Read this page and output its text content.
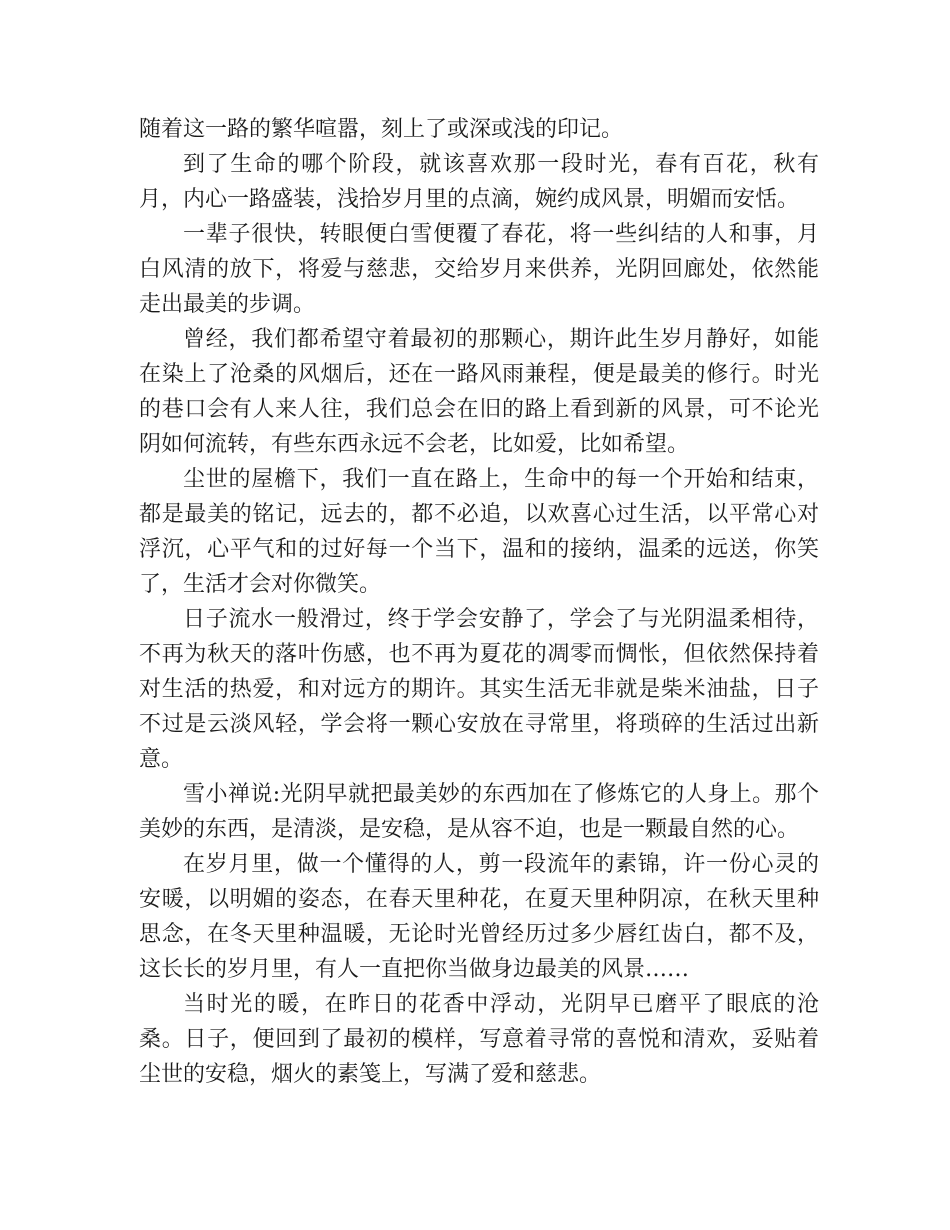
随着这一路的繁华喧嚣，刻上了或深或浅的印记。

到了生命的哪个阶段，就该喜欢那一段时光，春有百花，秋有月，内心一路盛装，浅拾岁月里的点滴，婉约成风景，明媚而安恬。

一辈子很快，转眼便白雪便覆了春花，将一些纠结的人和事，月白风清的放下，将爱与慈悲，交给岁月来供养，光阴回廊处，依然能走出最美的步调。

曾经，我们都希望守着最初的那颗心，期许此生岁月静好，如能在染上了沧桑的风烟后，还在一路风雨兼程，便是最美的修行。时光的巷口会有人来人往，我们总会在旧的路上看到新的风景，可不论光阴如何流转，有些东西永远不会老，比如爱，比如希望。

尘世的屋檐下，我们一直在路上，生命中的每一个开始和结束，都是最美的铭记，远去的，都不必追，以欢喜心过生活，以平常心对浮沉，心平气和的过好每一个当下，温和的接纳，温柔的远送，你笑了，生活才会对你微笑。

日子流水一般滑过，终于学会安静了，学会了与光阴温柔相待，不再为秋天的落叶伤感，也不再为夏花的凋零而惆怅，但依然保持着对生活的热爱，和对远方的期许。其实生活无非就是柴米油盐，日子不过是云淡风轻，学会将一颗心安放在寻常里，将琐碎的生活过出新意。

雪小禅说:光阴早就把最美妙的东西加在了修炼它的人身上。那个美妙的东西，是清淡，是安稳，是从容不迫，也是一颗最自然的心。

在岁月里，做一个懂得的人，剪一段流年的素锦，许一份心灵的安暖，以明媚的姿态，在春天里种花，在夏天里种阴凉，在秋天里种思念，在冬天里种温暖，无论时光曾经历过多少唇红齿白，都不及，这长长的岁月里，有人一直把你当做身边最美的风景……

当时光的暖，在昨日的花香中浮动，光阴早已磨平了眼底的沧桑。日子，便回到了最初的模样，写意着寻常的喜悦和清欢，妥贴着尘世的安稳，烟火的素笺上，写满了爱和慈悲。
